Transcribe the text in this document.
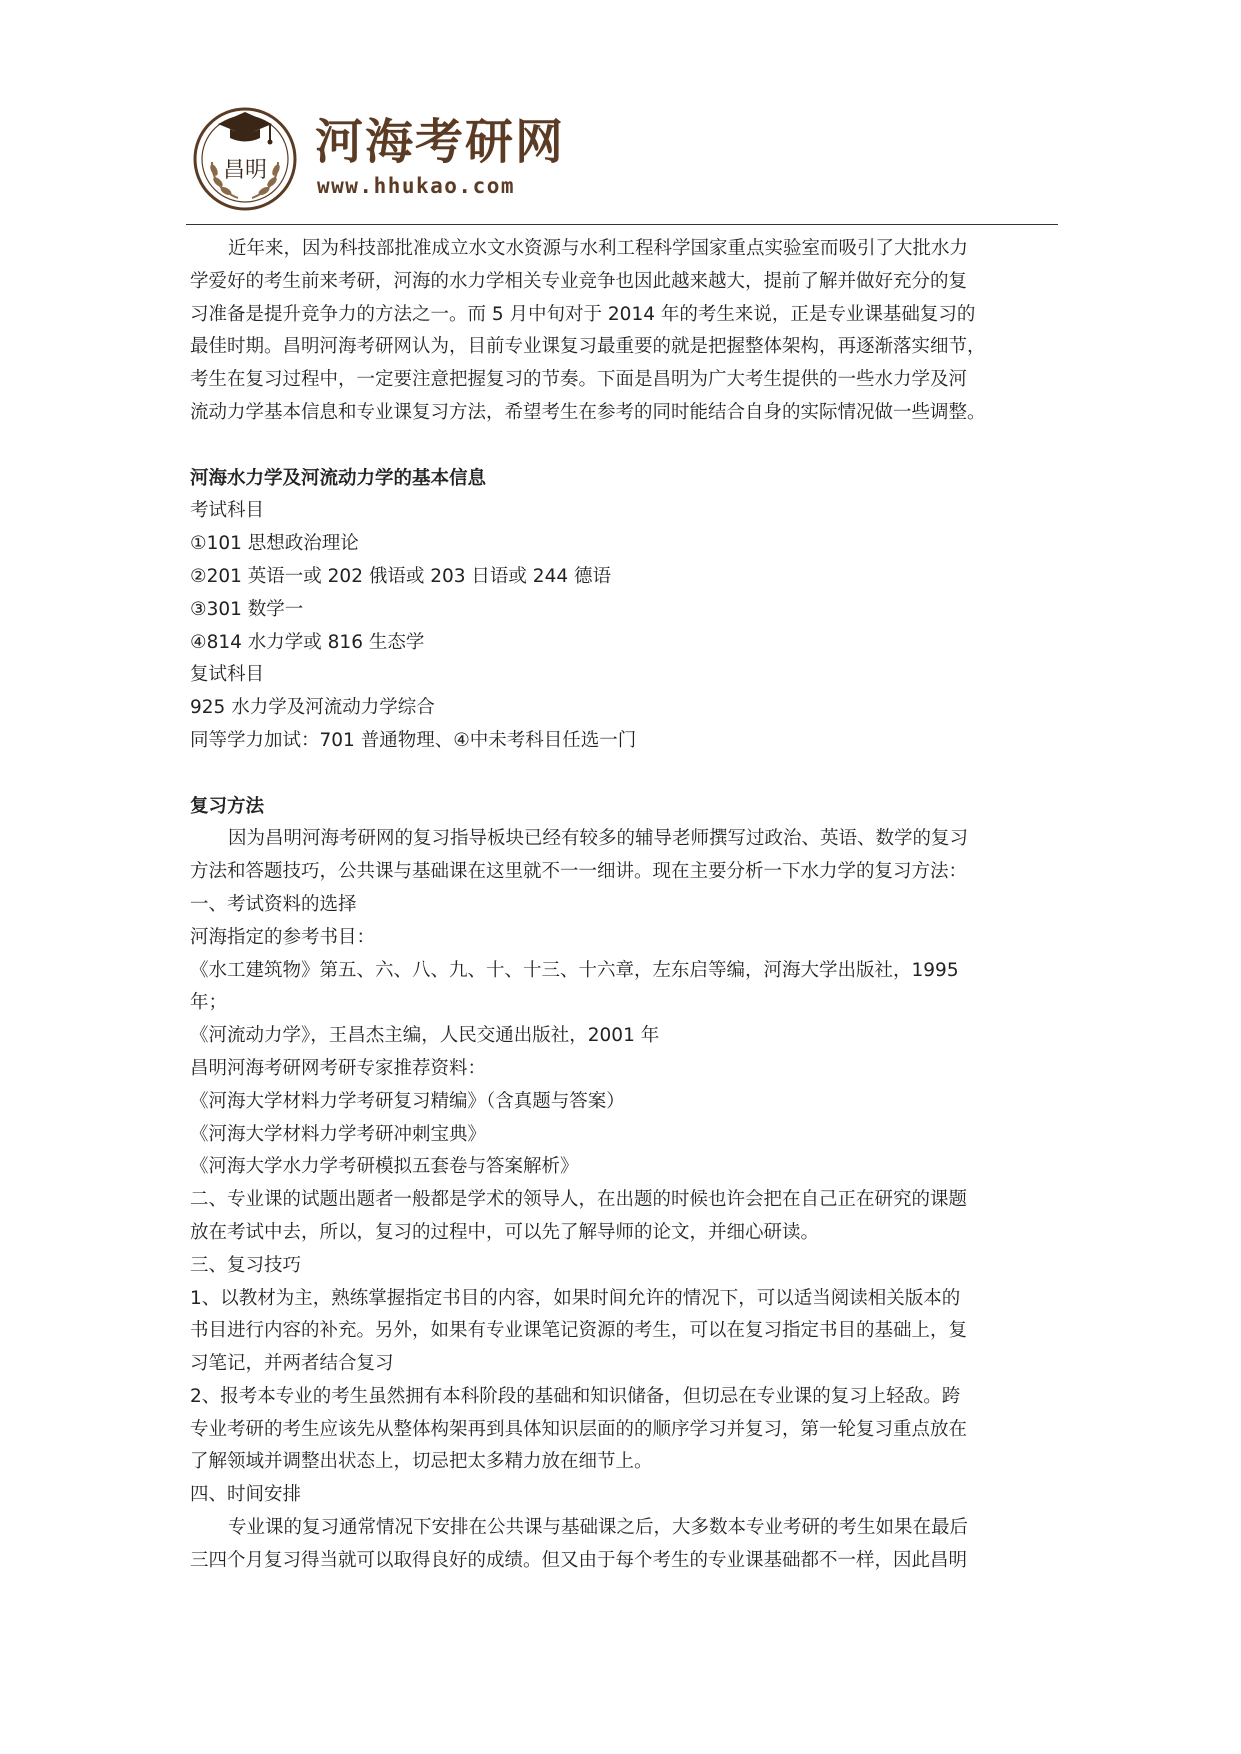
昌明
河海考研网
www.hhukao.com

近年来，因为科技部批准成立水文水资源与水利工程科学国家重点实验室而吸引了大批水力

学爱好的考生前来考研，河海的水力学相关专业竞争也因此越来越大，提前了解并做好充分的复

习准备是提升竞争力的方法之一。而 5 月中旬对于 2014 年的考生来说，正是专业课基础复习的

最佳时期。昌明河海考研网认为，目前专业课复习最重要的就是把握整体架构，再逐渐落实细节，

考生在复习过程中，一定要注意把握复习的节奏。下面是昌明为广大考生提供的一些水力学及河

流动力学基本信息和专业课复习方法，希望考生在参考的同时能结合自身的实际情况做一些调整。

河海水力学及河流动力学的基本信息

考试科目

①101 思想政治理论

②201 英语一或 202 俄语或 203 日语或 244 德语

③301 数学一

④814 水力学或 816 生态学

复试科目

925 水力学及河流动力学综合

同等学力加试：701 普通物理、④中未考科目任选一门

复习方法

因为昌明河海考研网的复习指导板块已经有较多的辅导老师撰写过政治、英语、数学的复习

方法和答题技巧，公共课与基础课在这里就不一一细讲。现在主要分析一下水力学的复习方法：

一、考试资料的选择

河海指定的参考书目：

《水工建筑物》第五、六、八、九、十、十三、十六章，左东启等编，河海大学出版社，1995

年；

《河流动力学》，王昌杰主编，人民交通出版社，2001 年

昌明河海考研网考研专家推荐资料：

《河海大学材料力学考研复习精编》（含真题与答案）

《河海大学材料力学考研冲刺宝典》

《河海大学水力学考研模拟五套卷与答案解析》

二、专业课的试题出题者一般都是学术的领导人，在出题的时候也许会把在自己正在研究的课题

放在考试中去，所以，复习的过程中，可以先了解导师的论文，并细心研读。

三、复习技巧

1、以教材为主，熟练掌握指定书目的内容，如果时间允许的情况下，可以适当阅读相关版本的

书目进行内容的补充。另外，如果有专业课笔记资源的考生，可以在复习指定书目的基础上，复

习笔记，并两者结合复习

2、报考本专业的考生虽然拥有本科阶段的基础和知识储备，但切忌在专业课的复习上轻敌。跨

专业考研的考生应该先从整体构架再到具体知识层面的的顺序学习并复习，第一轮复习重点放在

了解领域并调整出状态上，切忌把太多精力放在细节上。

四、时间安排

专业课的复习通常情况下安排在公共课与基础课之后，大多数本专业考研的考生如果在最后

三四个月复习得当就可以取得良好的成绩。但又由于每个考生的专业课基础都不一样，因此昌明
